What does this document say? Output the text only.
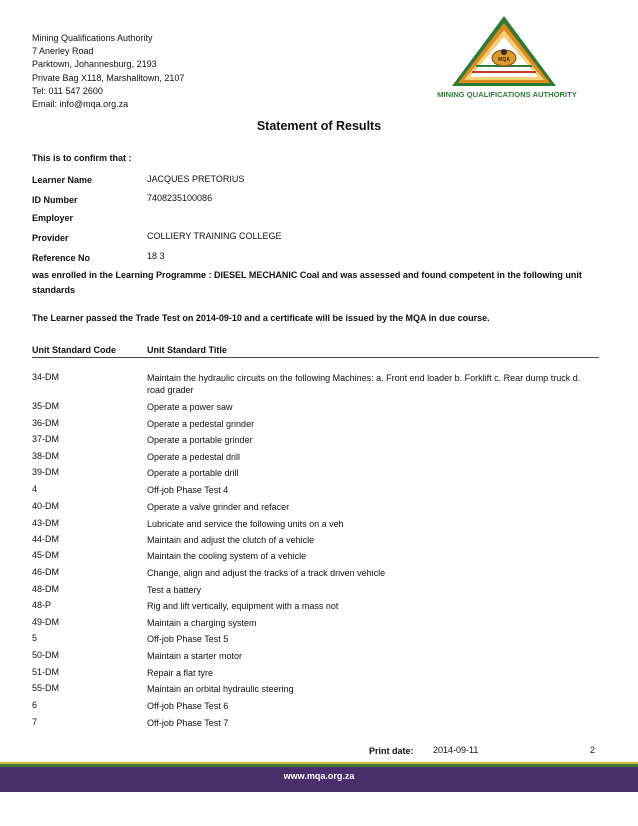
Mining Qualifications Authority
7 Anerley Road
Parktown, Johannesburg, 2193
Private Bag X118, Marshalltown, 2107
Tel: 011 547 2600
Email: info@mqa.org.za
MQA
MINING QUALIFICATIONS AUTHORITY
Statement of Results
This is to confirm that :
Learner Name	JACQUES PRETORIUS
ID Number	7408235100086
Employer
Provider	COLLIERY TRAINING COLLEGE
Reference No	18 3
was enrolled in the Learning Programme : DIESEL MECHANIC Coal and was assessed and found competent in the following unit standards
The Learner passed the Trade Test on 2014-09-10 and a certificate will be issued by the MQA in due course.
Unit Standard Code	Unit Standard Title
34-DM	Maintain the hydraulic circuits on the following Machines: a. Front end loader b. Forklift c. Rear dump truck d. road grader
35-DM	Operate a power saw
36-DM	Operate a pedestal grinder
37-DM	Operate a portable grinder
38-DM	Operate a pedestal drill
39-DM	Operate a portable drill
4	Off-job Phase Test 4
40-DM	Operate a valve grinder and refacer
43-DM	Lubricate and service the following units on a veh
44-DM	Maintain and adjust the clutch of a vehicle
45-DM	Maintain the cooling system of a vehicle
46-DM	Change, align and adjust the tracks of a track driven vehicle
48-DM	Test a battery
48-P	Rig and lift vertically, equipment with a mass not
49-DM	Maintain a charging system
5	Off-job Phase Test 5
50-DM	Maintain a starter motor
51-DM	Repair a flat tyre
55-DM	Maintain an orbital hydraulic steering
6	Off-job Phase Test 6
7	Off-job Phase Test 7
Print date: 2014-09-11	2
www.mqa.org.za
